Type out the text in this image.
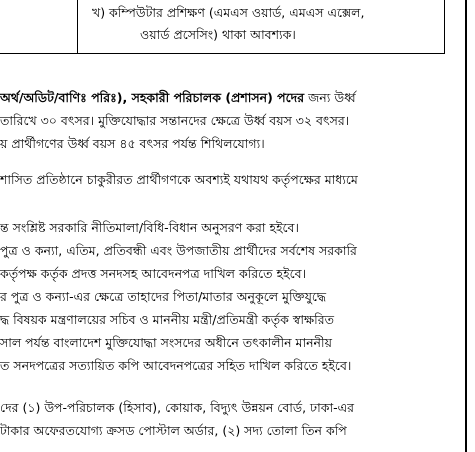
খ) কম্পিউটার প্রশিক্ষণ (এমএস ওয়ার্ড, এমএস এক্সেল,
ওয়ার্ড প্রসেসিং) থাকা আবশ্যক।
অর্থ/অডিট/বাণিঃ পরিঃ), সহকারী পরিচালক (প্রশাসন) পদের জন্য উর্ধ্ব
তারিখে ৩০ বৎসর। মুক্তিযোদ্ধার সন্তানদের ক্ষেত্রে উর্ধ্ব বয়স ৩২ বৎসর।
য় প্রার্থীগণের উর্ধ্ব বয়স ৪৫ বৎসর পর্যন্ত শিথিলযোগ্য।
শাসিত প্রতিষ্ঠানে চাকুরীরত প্রার্থীগণকে অবশ্যই যথাযথ কর্তৃপক্ষের মাধ্যমে
ন্ত সংশ্লিষ্ট সরকারি নীতিমালা/বিধি-বিধান অনুসরণ করা হইবে।
পুত্র ও কন্যা, এতিম, প্রতিবন্ধী এবং উপজাতীয় প্রার্থীদের সর্বশেষ সরকারি
কর্তৃপক্ষ কর্তৃক প্রদত্ত সনদসহ আবেদনপত্র দাখিল করিতে হইবে।
র পুত্র ও কন্যা-এর ক্ষেত্রে তাহাদের পিতা/মাতার অনুকূলে মুক্তিযুদ্ধে
দ্ধ বিষয়ক মন্ত্রণালয়ের সচিব ও মাননীয় মন্ত্রী/প্রতিমন্ত্রী কর্তৃক স্বাক্ষরিত
সাল পর্যন্ত বাংলাদেশ মুক্তিযোদ্ধা সংসদের অধীনে তৎকালীন মাননীয়
ত সনদপত্রের সত্যায়িত কপি আবেদনপত্রের সহিত দাখিল করিতে হইবে।
দের (১) উপ-পরিচালক (হিসাব), কোয়াক, বিদ্যুৎ উন্নয়ন বোর্ড, ঢাকা-এর
টাকার অফেরতযোগ্য ক্রসড পোস্টাল অর্ডার, (২) সদ্য তোলা তিন কপি
